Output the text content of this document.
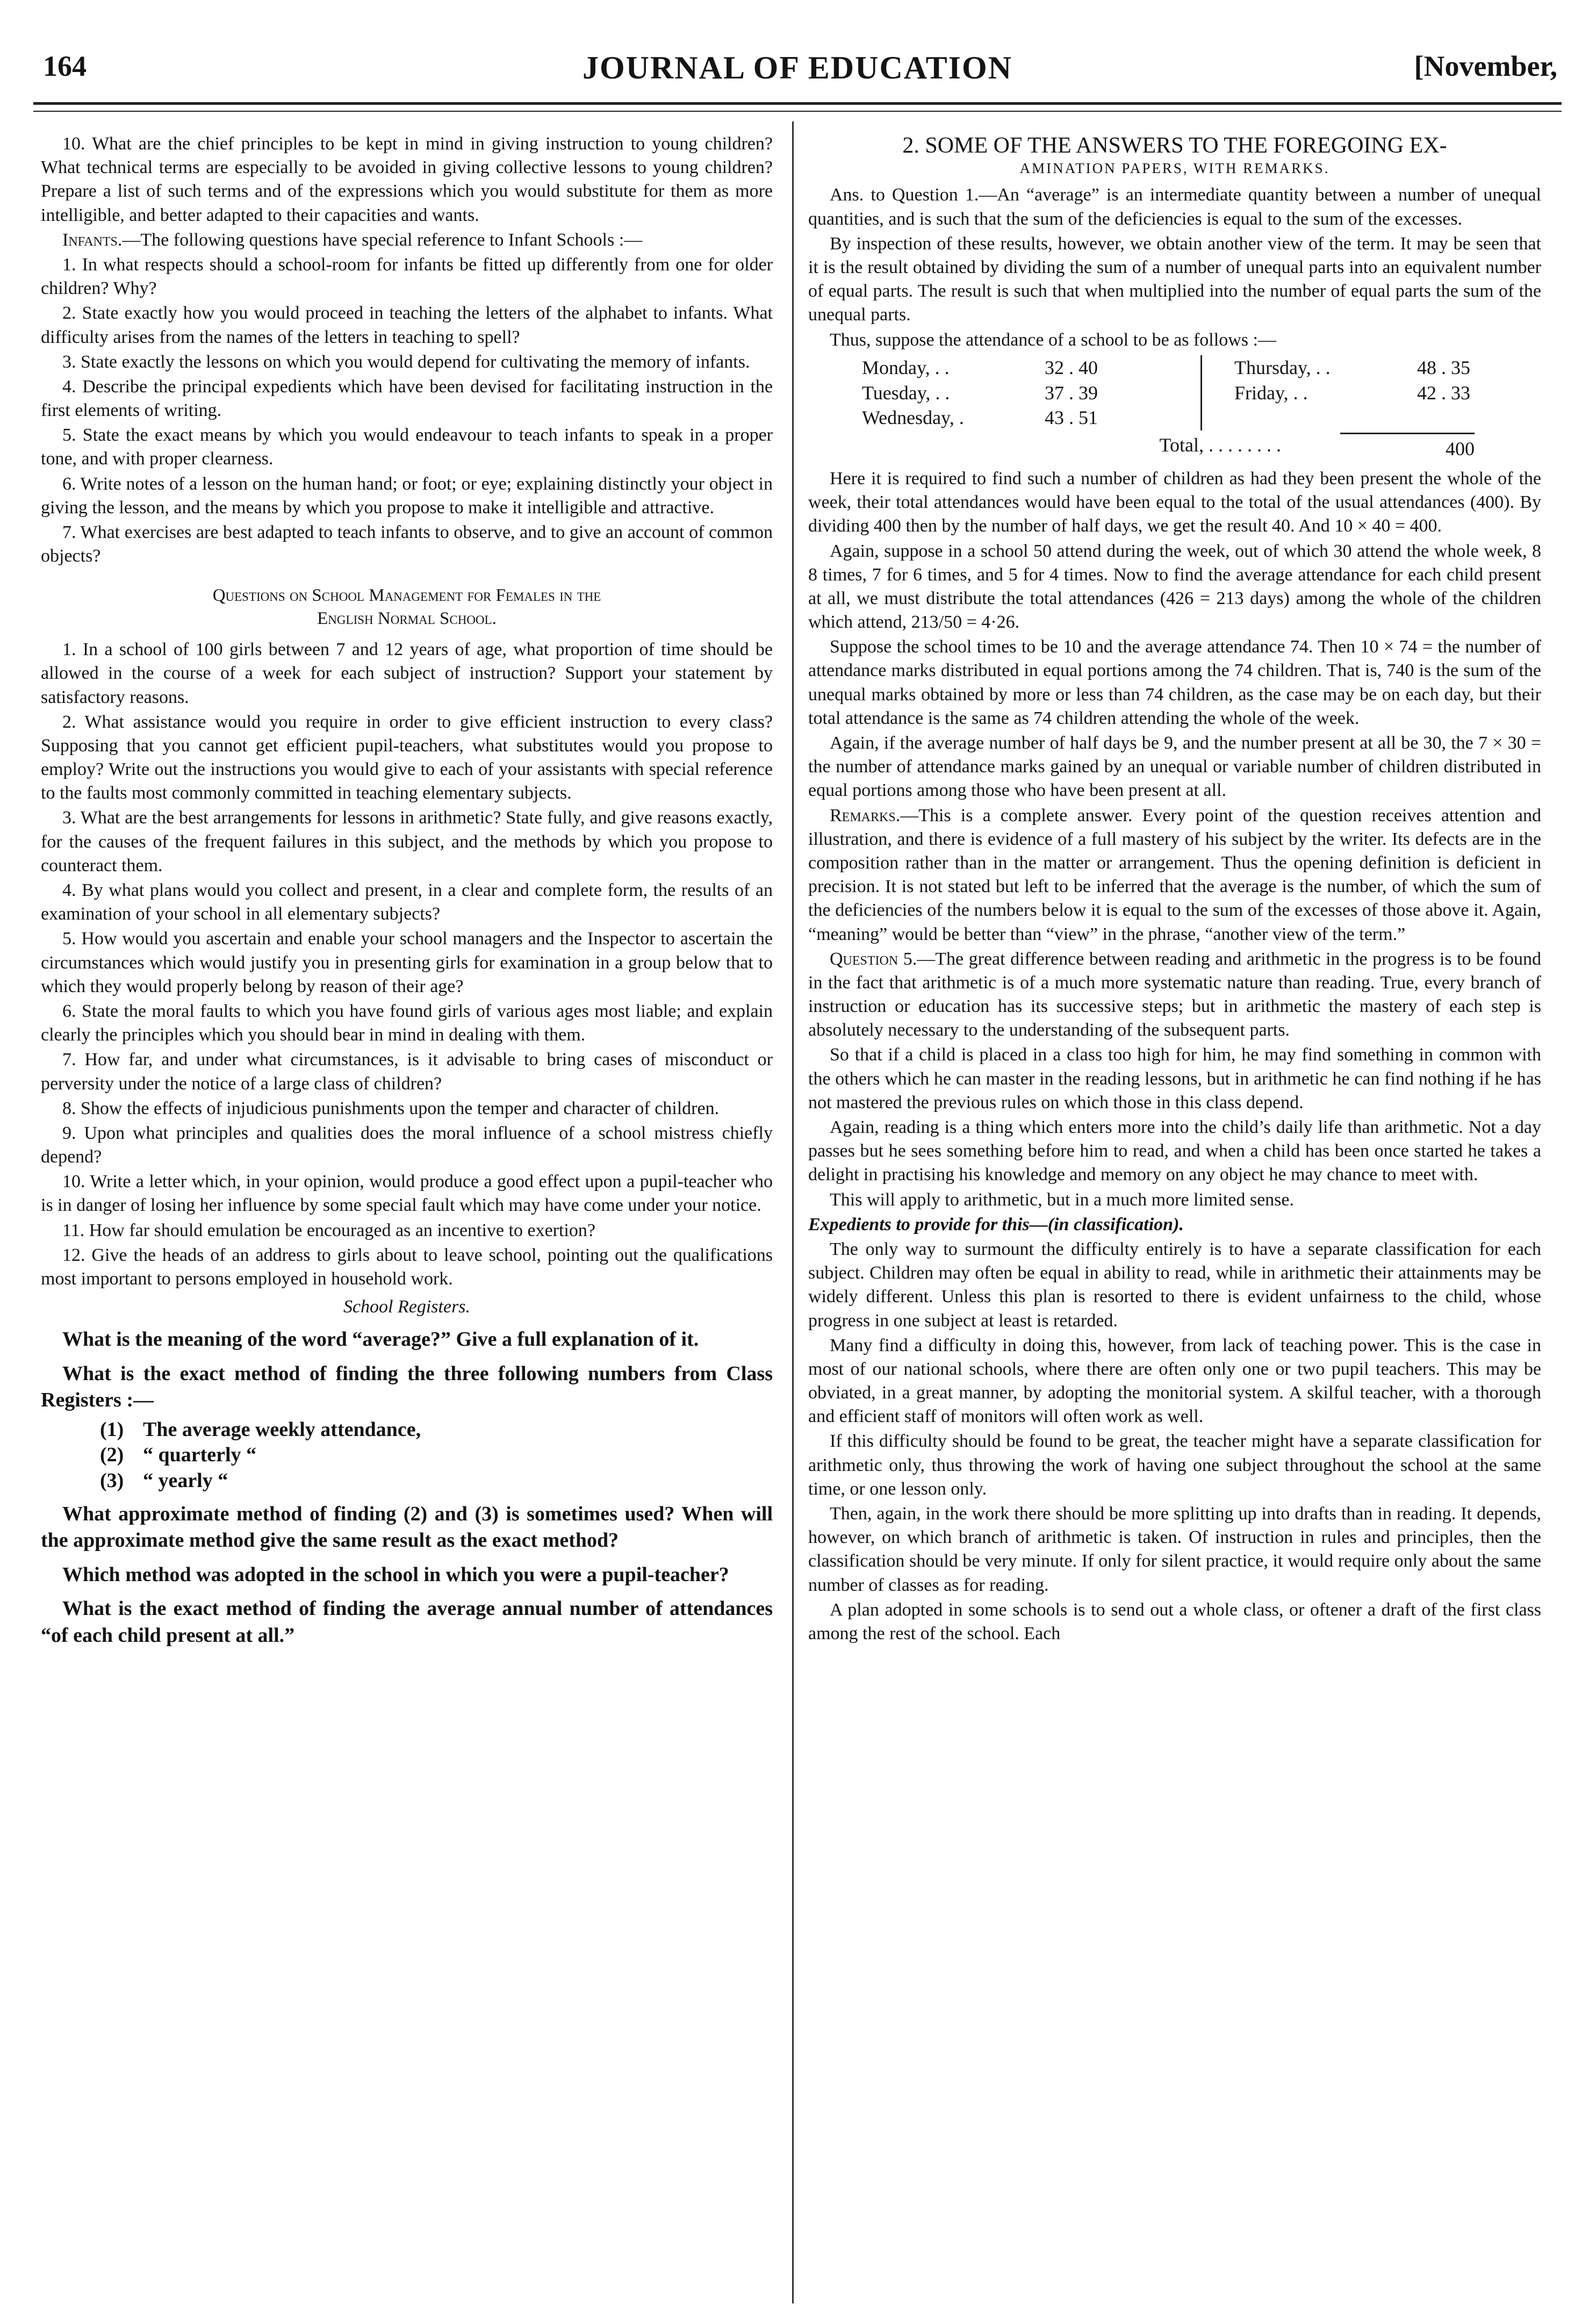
164	JOURNAL OF EDUCATION	[November,

10. What are the chief principles to be kept in mind in giving instruction to young children? What technical terms are especially to be avoided in giving collective lessons to young children? Prepare a list of such terms and of the expressions which you would substitute for them as more intelligible, and better adapted to their capacities and wants.

Infants.—The following questions have special reference to Infant Schools :—

1. In what respects should a school-room for infants be fitted up differently from one for older children? Why?

2. State exactly how you would proceed in teaching the letters of the alphabet to infants. What difficulty arises from the names of the letters in teaching to spell?

3. State exactly the lessons on which you would depend for cultivating the memory of infants.

4. Describe the principal expedients which have been devised for facilitating instruction in the first elements of writing.

5. State the exact means by which you would endeavour to teach infants to speak in a proper tone, and with proper clearness.

6. Write notes of a lesson on the human hand; or foot; or eye; explaining distinctly your object in giving the lesson, and the means by which you propose to make it intelligible and attractive.

7. What exercises are best adapted to teach infants to observe, and to give an account of common objects?

Questions on School Management for Females in the
English Normal School.

1. In a school of 100 girls between 7 and 12 years of age, what proportion of time should be allowed in the course of a week for each subject of instruction? Support your statement by satisfactory reasons.

2. What assistance would you require in order to give efficient instruction to every class? Supposing that you cannot get efficient pupil-teachers, what substitutes would you propose to employ? Write out the instructions you would give to each of your assistants with special reference to the faults most commonly committed in teaching elementary subjects.

3. What are the best arrangements for lessons in arithmetic? State fully, and give reasons exactly, for the causes of the frequent failures in this subject, and the methods by which you propose to counteract them.

4. By what plans would you collect and present, in a clear and complete form, the results of an examination of your school in all elementary subjects?

5. How would you ascertain and enable your school managers and the Inspector to ascertain the circumstances which would justify you in presenting girls for examination in a group below that to which they would properly belong by reason of their age?

6. State the moral faults to which you have found girls of various ages most liable; and explain clearly the principles which you should bear in mind in dealing with them.

7. How far, and under what circumstances, is it advisable to bring cases of misconduct or perversity under the notice of a large class of children?

8. Show the effects of injudicious punishments upon the temper and character of children.

9. Upon what principles and qualities does the moral influence of a school mistress chiefly depend?

10. Write a letter which, in your opinion, would produce a good effect upon a pupil-teacher who is in danger of losing her influence by some special fault which may have come under your notice.

11. How far should emulation be encouraged as an incentive to exertion?

12. Give the heads of an address to girls about to leave school, pointing out the qualifications most important to persons employed in household work.

School Registers.

What is the meaning of the word “average?” Give a full explanation of it.

What is the exact method of finding the three following numbers from Class Registers :—

(1) The average weekly attendance,
(2) “ quarterly “
(3) “ yearly “

What approximate method of finding (2) and (3) is sometimes used? When will the approximate method give the same result as the exact method?

Which method was adopted in the school in which you were a pupil-teacher?

What is the exact method of finding the average annual number of attendances “of each child present at all.”

2. SOME OF THE ANSWERS TO THE FOREGOING EX-

AMINATION PAPERS, WITH REMARKS.

Ans. to Question 1.—An “average” is an intermediate quantity between a number of unequal quantities, and is such that the sum of the deficiencies is equal to the sum of the excesses.

By inspection of these results, however, we obtain another view of the term. It may be seen that it is the result obtained by dividing the sum of a number of unequal parts into an equivalent number of equal parts. The result is such that when multiplied into the number of equal parts the sum of the unequal parts.

Thus, suppose the attendance of a school to be as follows :—

Monday, . .	32 . 40
Tuesday, . .	37 . 39
Wednesday, .	43 . 51
Thursday, . .	48 . 35
Friday, . .	42 . 33
Total, . . . . . . . .	400

Here it is required to find such a number of children as had they been present the whole of the week, their total attendances would have been equal to the total of the usual attendances (400). By dividing 400 then by the number of half days, we get the result 40. And 10 × 40 = 400.

Again, suppose in a school 50 attend during the week, out of which 30 attend the whole week, 8 8 times, 7 for 6 times, and 5 for 4 times. Now to find the average attendance for each child present at all, we must distribute the total attendances (426 = 213 days) among the whole of the children which attend, 213/50 = 4·26.

Suppose the school times to be 10 and the average attendance 74. Then 10 × 74 = the number of attendance marks distributed in equal portions among the 74 children. That is, 740 is the sum of the unequal marks obtained by more or less than 74 children, as the case may be on each day, but their total attendance is the same as 74 children attending the whole of the week.

Again, if the average number of half days be 9, and the number present at all be 30, the 7 × 30 = the number of attendance marks gained by an unequal or variable number of children distributed in equal portions among those who have been present at all.

Remarks.—This is a complete answer. Every point of the question receives attention and illustration, and there is evidence of a full mastery of his subject by the writer. Its defects are in the composition rather than in the matter or arrangement. Thus the opening definition is deficient in precision. It is not stated but left to be inferred that the average is the number, of which the sum of the deficiencies of the numbers below it is equal to the sum of the excesses of those above it. Again, “meaning” would be better than “view” in the phrase, “another view of the term.”

Question 5.—The great difference between reading and arithmetic in the progress is to be found in the fact that arithmetic is of a much more systematic nature than reading. True, every branch of instruction or education has its successive steps; but in arithmetic the mastery of each step is absolutely necessary to the understanding of the subsequent parts.

So that if a child is placed in a class too high for him, he may find something in common with the others which he can master in the reading lessons, but in arithmetic he can find nothing if he has not mastered the previous rules on which those in this class depend.

Again, reading is a thing which enters more into the child’s daily life than arithmetic. Not a day passes but he sees something before him to read, and when a child has been once started he takes a delight in practising his knowledge and memory on any object he may chance to meet with.

This will apply to arithmetic, but in a much more limited sense.

Expedients to provide for this—(in classification).

The only way to surmount the difficulty entirely is to have a separate classification for each subject. Children may often be equal in ability to read, while in arithmetic their attainments may be widely different. Unless this plan is resorted to there is evident unfairness to the child, whose progress in one subject at least is retarded.

Many find a difficulty in doing this, however, from lack of teaching power. This is the case in most of our national schools, where there are often only one or two pupil teachers. This may be obviated, in a great manner, by adopting the monitorial system. A skilful teacher, with a thorough and efficient staff of monitors will often work as well.

If this difficulty should be found to be great, the teacher might have a separate classification for arithmetic only, thus throwing the work of having one subject throughout the school at the same time, or one lesson only.

Then, again, in the work there should be more splitting up into drafts than in reading. It depends, however, on which branch of arithmetic is taken. Of instruction in rules and principles, then the classification should be very minute. If only for silent practice, it would require only about the same number of classes as for reading.

A plan adopted in some schools is to send out a whole class, or oftener a draft of the first class among the rest of the school. Each
